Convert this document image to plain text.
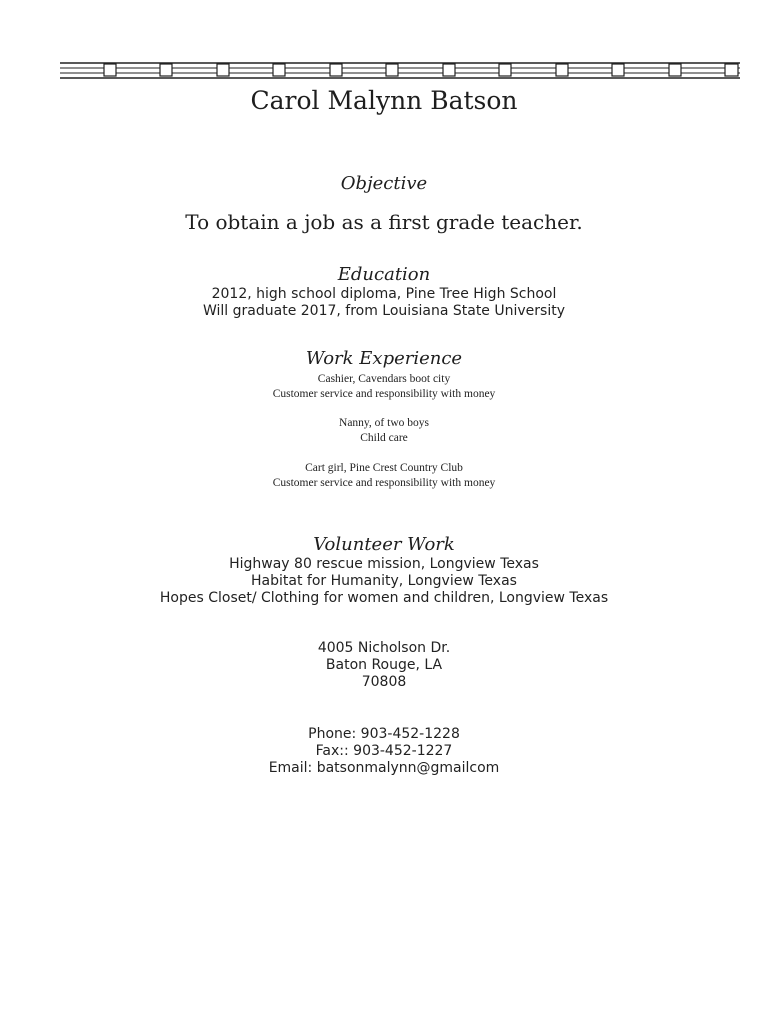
Carol Malynn Batson
Objective
To obtain a job as a first grade teacher.
Education
2012, high school diploma, Pine Tree High School
Will graduate 2017, from Louisiana State University
Work Experience
Cashier, Cavendars boot city
Customer service and responsibility with money
Nanny, of two boys
Child care
Cart girl, Pine Crest Country Club
Customer service and responsibility with money
Volunteer Work
Highway 80 rescue mission, Longview Texas
Habitat for Humanity, Longview Texas
Hopes Closet/ Clothing for women and children, Longview Texas
4005 Nicholson Dr.
Baton Rouge, LA
70808
Phone: 903-452-1228
Fax:: 903-452-1227
Email: batsonmalynn@gmailcom
